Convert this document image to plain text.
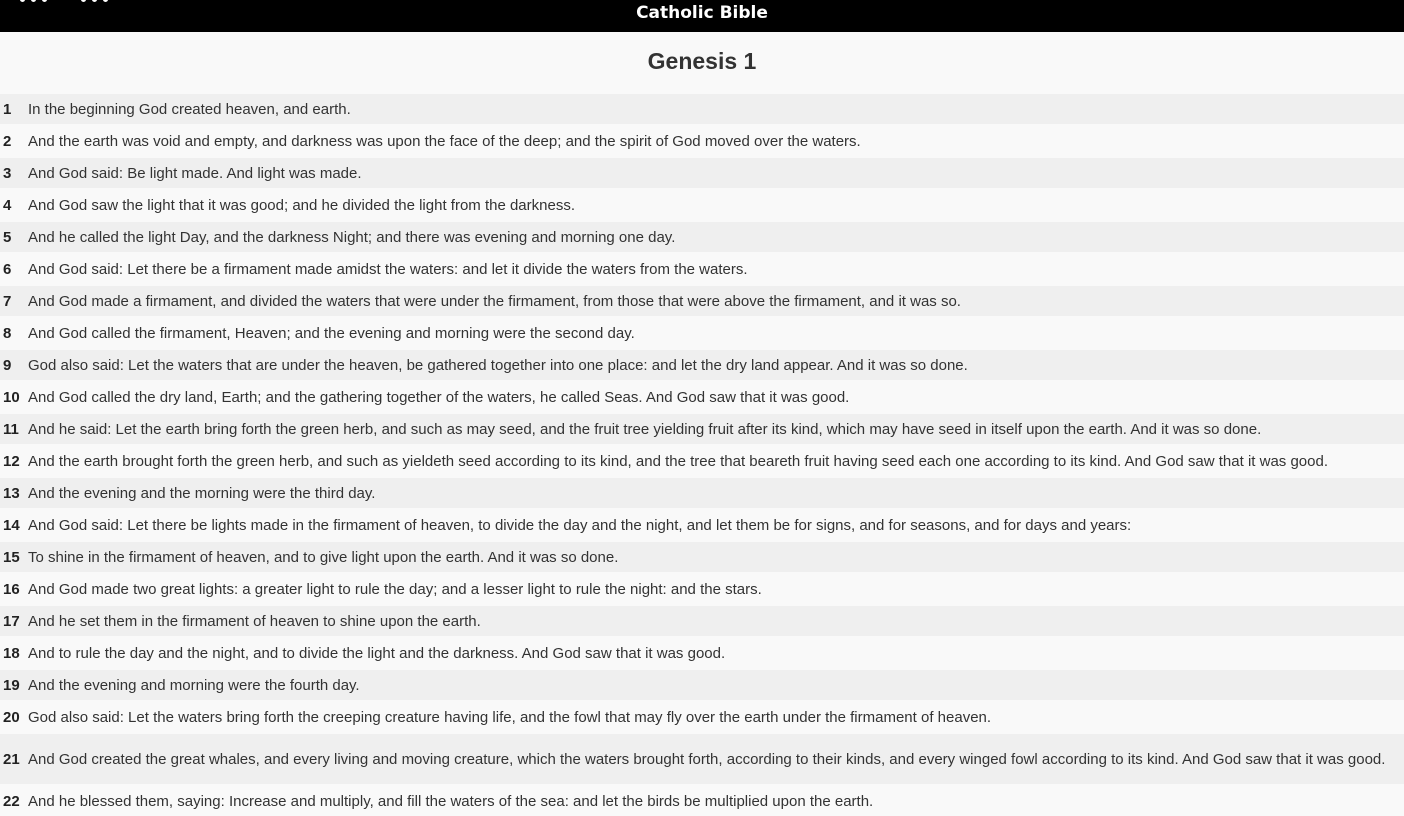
Catholic Bible
Genesis 1
1	In the beginning God created heaven, and earth.
2	And the earth was void and empty, and darkness was upon the face of the deep; and the spirit of God moved over the waters.
3	And God said: Be light made. And light was made.
4	And God saw the light that it was good; and he divided the light from the darkness.
5	And he called the light Day, and the darkness Night; and there was evening and morning one day.
6	And God said: Let there be a firmament made amidst the waters: and let it divide the waters from the waters.
7	And God made a firmament, and divided the waters that were under the firmament, from those that were above the firmament, and it was so.
8	And God called the firmament, Heaven; and the evening and morning were the second day.
9	God also said: Let the waters that are under the heaven, be gathered together into one place: and let the dry land appear. And it was so done.
10 And God called the dry land, Earth; and the gathering together of the waters, he called Seas. And God saw that it was good.
11 And he said: Let the earth bring forth the green herb, and such as may seed, and the fruit tree yielding fruit after its kind, which may have seed in itself upon the earth. And it was so done.
12 And the earth brought forth the green herb, and such as yieldeth seed according to its kind, and the tree that beareth fruit having seed each one according to its kind. And God saw that it was good.
13 And the evening and the morning were the third day.
14 And God said: Let there be lights made in the firmament of heaven, to divide the day and the night, and let them be for signs, and for seasons, and for days and years:
15 To shine in the firmament of heaven, and to give light upon the earth. And it was so done.
16 And God made two great lights: a greater light to rule the day; and a lesser light to rule the night: and the stars.
17 And he set them in the firmament of heaven to shine upon the earth.
18 And to rule the day and the night, and to divide the light and the darkness. And God saw that it was good.
19 And the evening and morning were the fourth day.
20 God also said: Let the waters bring forth the creeping creature having life, and the fowl that may fly over the earth under the firmament of heaven.
21 And God created the great whales, and every living and moving creature, which the waters brought forth, according to their kinds, and every winged fowl according to its kind. And God saw that it was good.
22 And he blessed them, saying: Increase and multiply, and fill the waters of the sea: and let the birds be multiplied upon the earth.
